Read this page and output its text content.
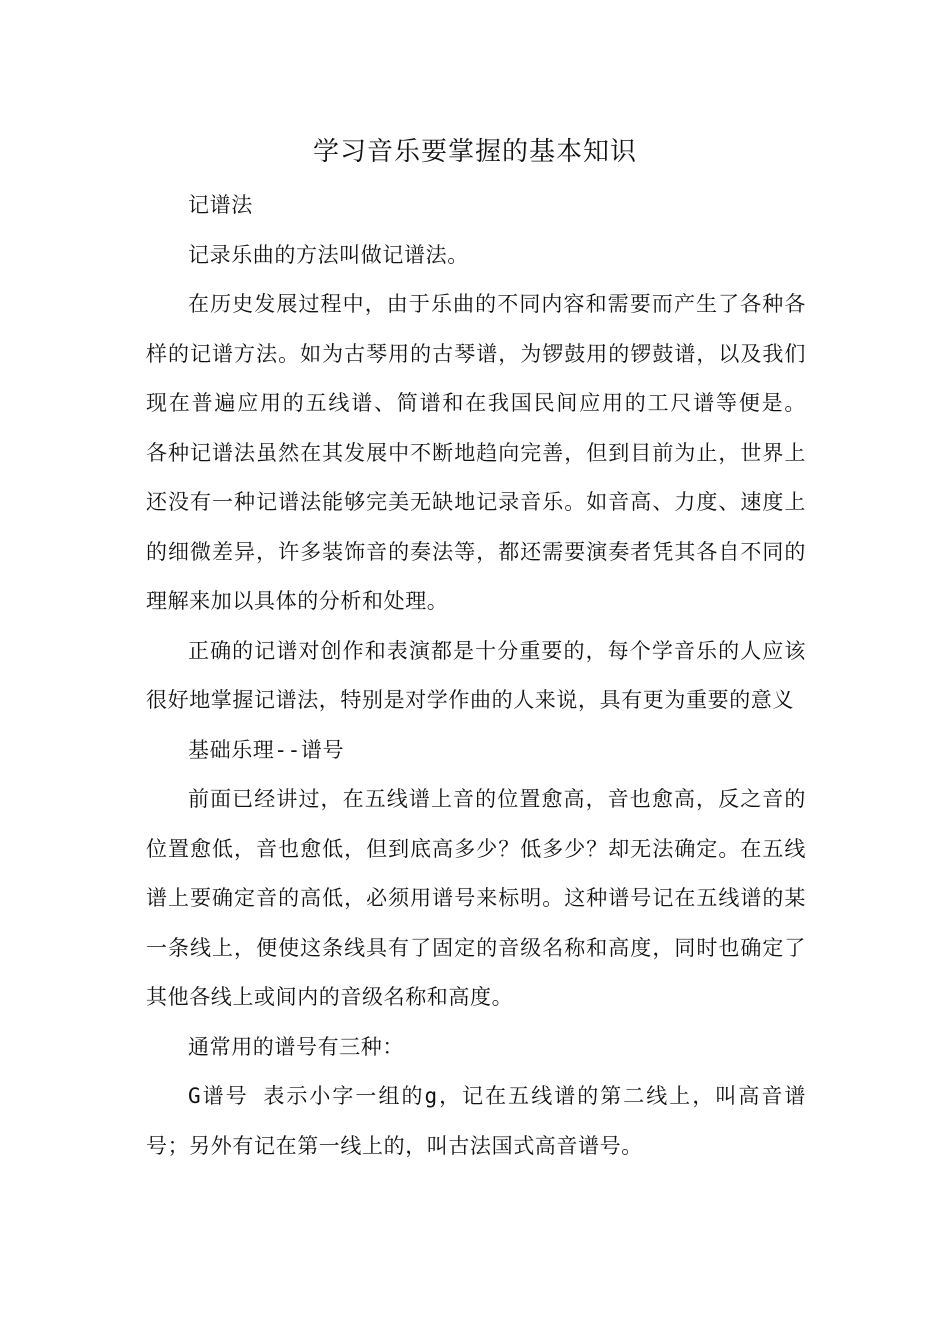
学习音乐要掌握的基本知识

记谱法

记录乐曲的方法叫做记谱法。

在历史发展过程中，由于乐曲的不同内容和需要而产生了各种各样的记谱方法。如为古琴用的古琴谱，为锣鼓用的锣鼓谱，以及我们现在普遍应用的五线谱、简谱和在我国民间应用的工尺谱等便是。 各种记谱法虽然在其发展中不断地趋向完善，但到目前为止，世界上还没有一种记谱法能够完美无缺地记录音乐。如音高、力度、速度上的细微差异，许多装饰音的奏法等，都还需要演奏者凭其各自不同的理解来加以具体的分析和处理。

正确的记谱对创作和表演都是十分重要的，每个学音乐的人应该很好地掌握记谱法，特别是对学作曲的人来说，具有更为重要的意义

基础乐理--谱号

前面已经讲过，在五线谱上音的位置愈高，音也愈高，反之音的位置愈低，音也愈低，但到底高多少？低多少？却无法确定。在五线谱上要确定音的高低，必须用谱号来标明。这种谱号记在五线谱的某一条线上，便使这条线具有了固定的音级名称和高度，同时也确定了其他各线上或间内的音级名称和高度。

通常用的谱号有三种：

G谱号 表示小字一组的g，记在五线谱的第二线上，叫高音谱号；另外有记在第一线上的，叫古法国式高音谱号。
